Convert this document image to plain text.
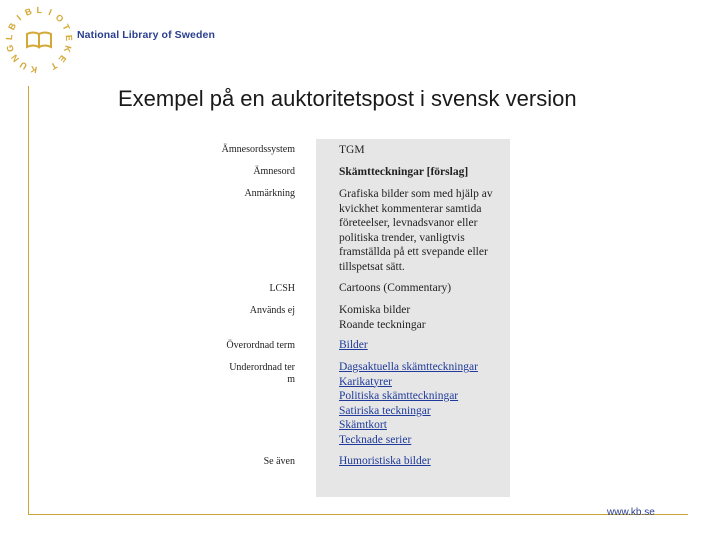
K
U
N
G
L
B
I B L I O
T
E
K
E
T
National Library of Sweden
Exempel på en auktoritetspost i svensk version
Ämnesordssystem
Ämnesord
Anmärkning
LCSH
Används ej
Överordnad term
Underordnad ter
m
Se även
TGM
Skämtteckningar [förslag]
Grafiska bilder som med hjälp av
kvickhet kommenterar samtida
företeelser, levnadsvanor eller
politiska trender, vanligtvis
framställda på ett svepande eller
tillspetsat sätt.
Cartoons (Commentary)
Komiska bilder
Roande teckningar
Bilder
Dagsaktuella skämtteckningar
Karikatyrer
Politiska skämtteckningar
Satiriska teckningar
Skämtkort
Tecknade serier
Humoristiska bilder
www.kb.se
